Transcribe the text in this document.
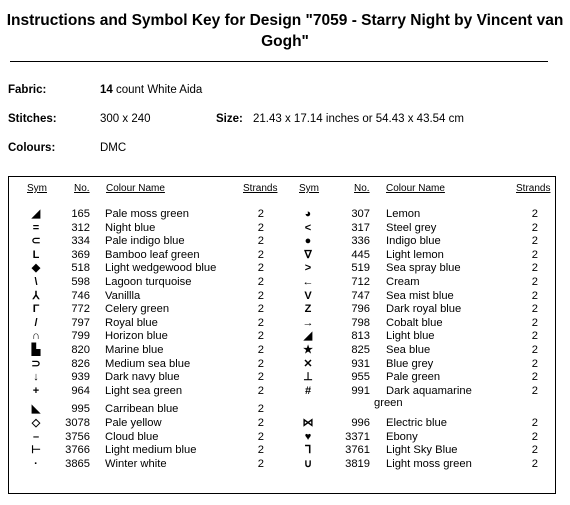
Instructions and Symbol Key for Design "7059 - Starry Night by Vincent van
Gogh"
Fabric:	14 count White Aida
Stitches:	300 x 240	Size: 21.43 x 17.14 inches or 54.43 x 43.54 cm
Colours:	DMC
Sym	No. Colour Name	Strands Sym	No. Colour Name	Strands
◢	165 Pale moss green	2
=	312 Night blue	2
⊂	334 Pale indigo blue	2
L	369 Bamboo leaf green	2
◆	518 Light wedgewood blue	2
\	598 Lagoon turquoise	2
⅄	746 Vanillla	2
Γ	772 Celery green	2
/	797 Royal blue	2
∩	799 Horizon blue	2
▙	820 Marine blue	2
⊃	826 Medium sea blue	2
↓	939 Dark navy blue	2
+	964 Light sea green	2
◣	995 Carribean blue	2
◇	3078 Pale yellow	2
–	3756 Cloud blue	2
⊢	3766 Light medium blue	2
·	3865 Winter white	2
◕	307 Lemon	2
<	317 Steel grey	2
●	336 Indigo blue	2
∇	445 Light lemon	2
>	519 Sea spray blue	2
←	712 Cream	2
V	747 Sea mist blue	2
Z	796 Dark royal blue	2
→	798 Cobalt blue	2
◢	813 Light blue	2
★	825 Sea blue	2
✕	931 Blue grey	2
⊥	955 Pale green	2
#	991 Dark aquamarine	2
green
⋈	996 Electric blue	2
♥	3371 Ebony	2
ᒣ	3761 Light Sky Blue	2
∪	3819 Light moss green	2
